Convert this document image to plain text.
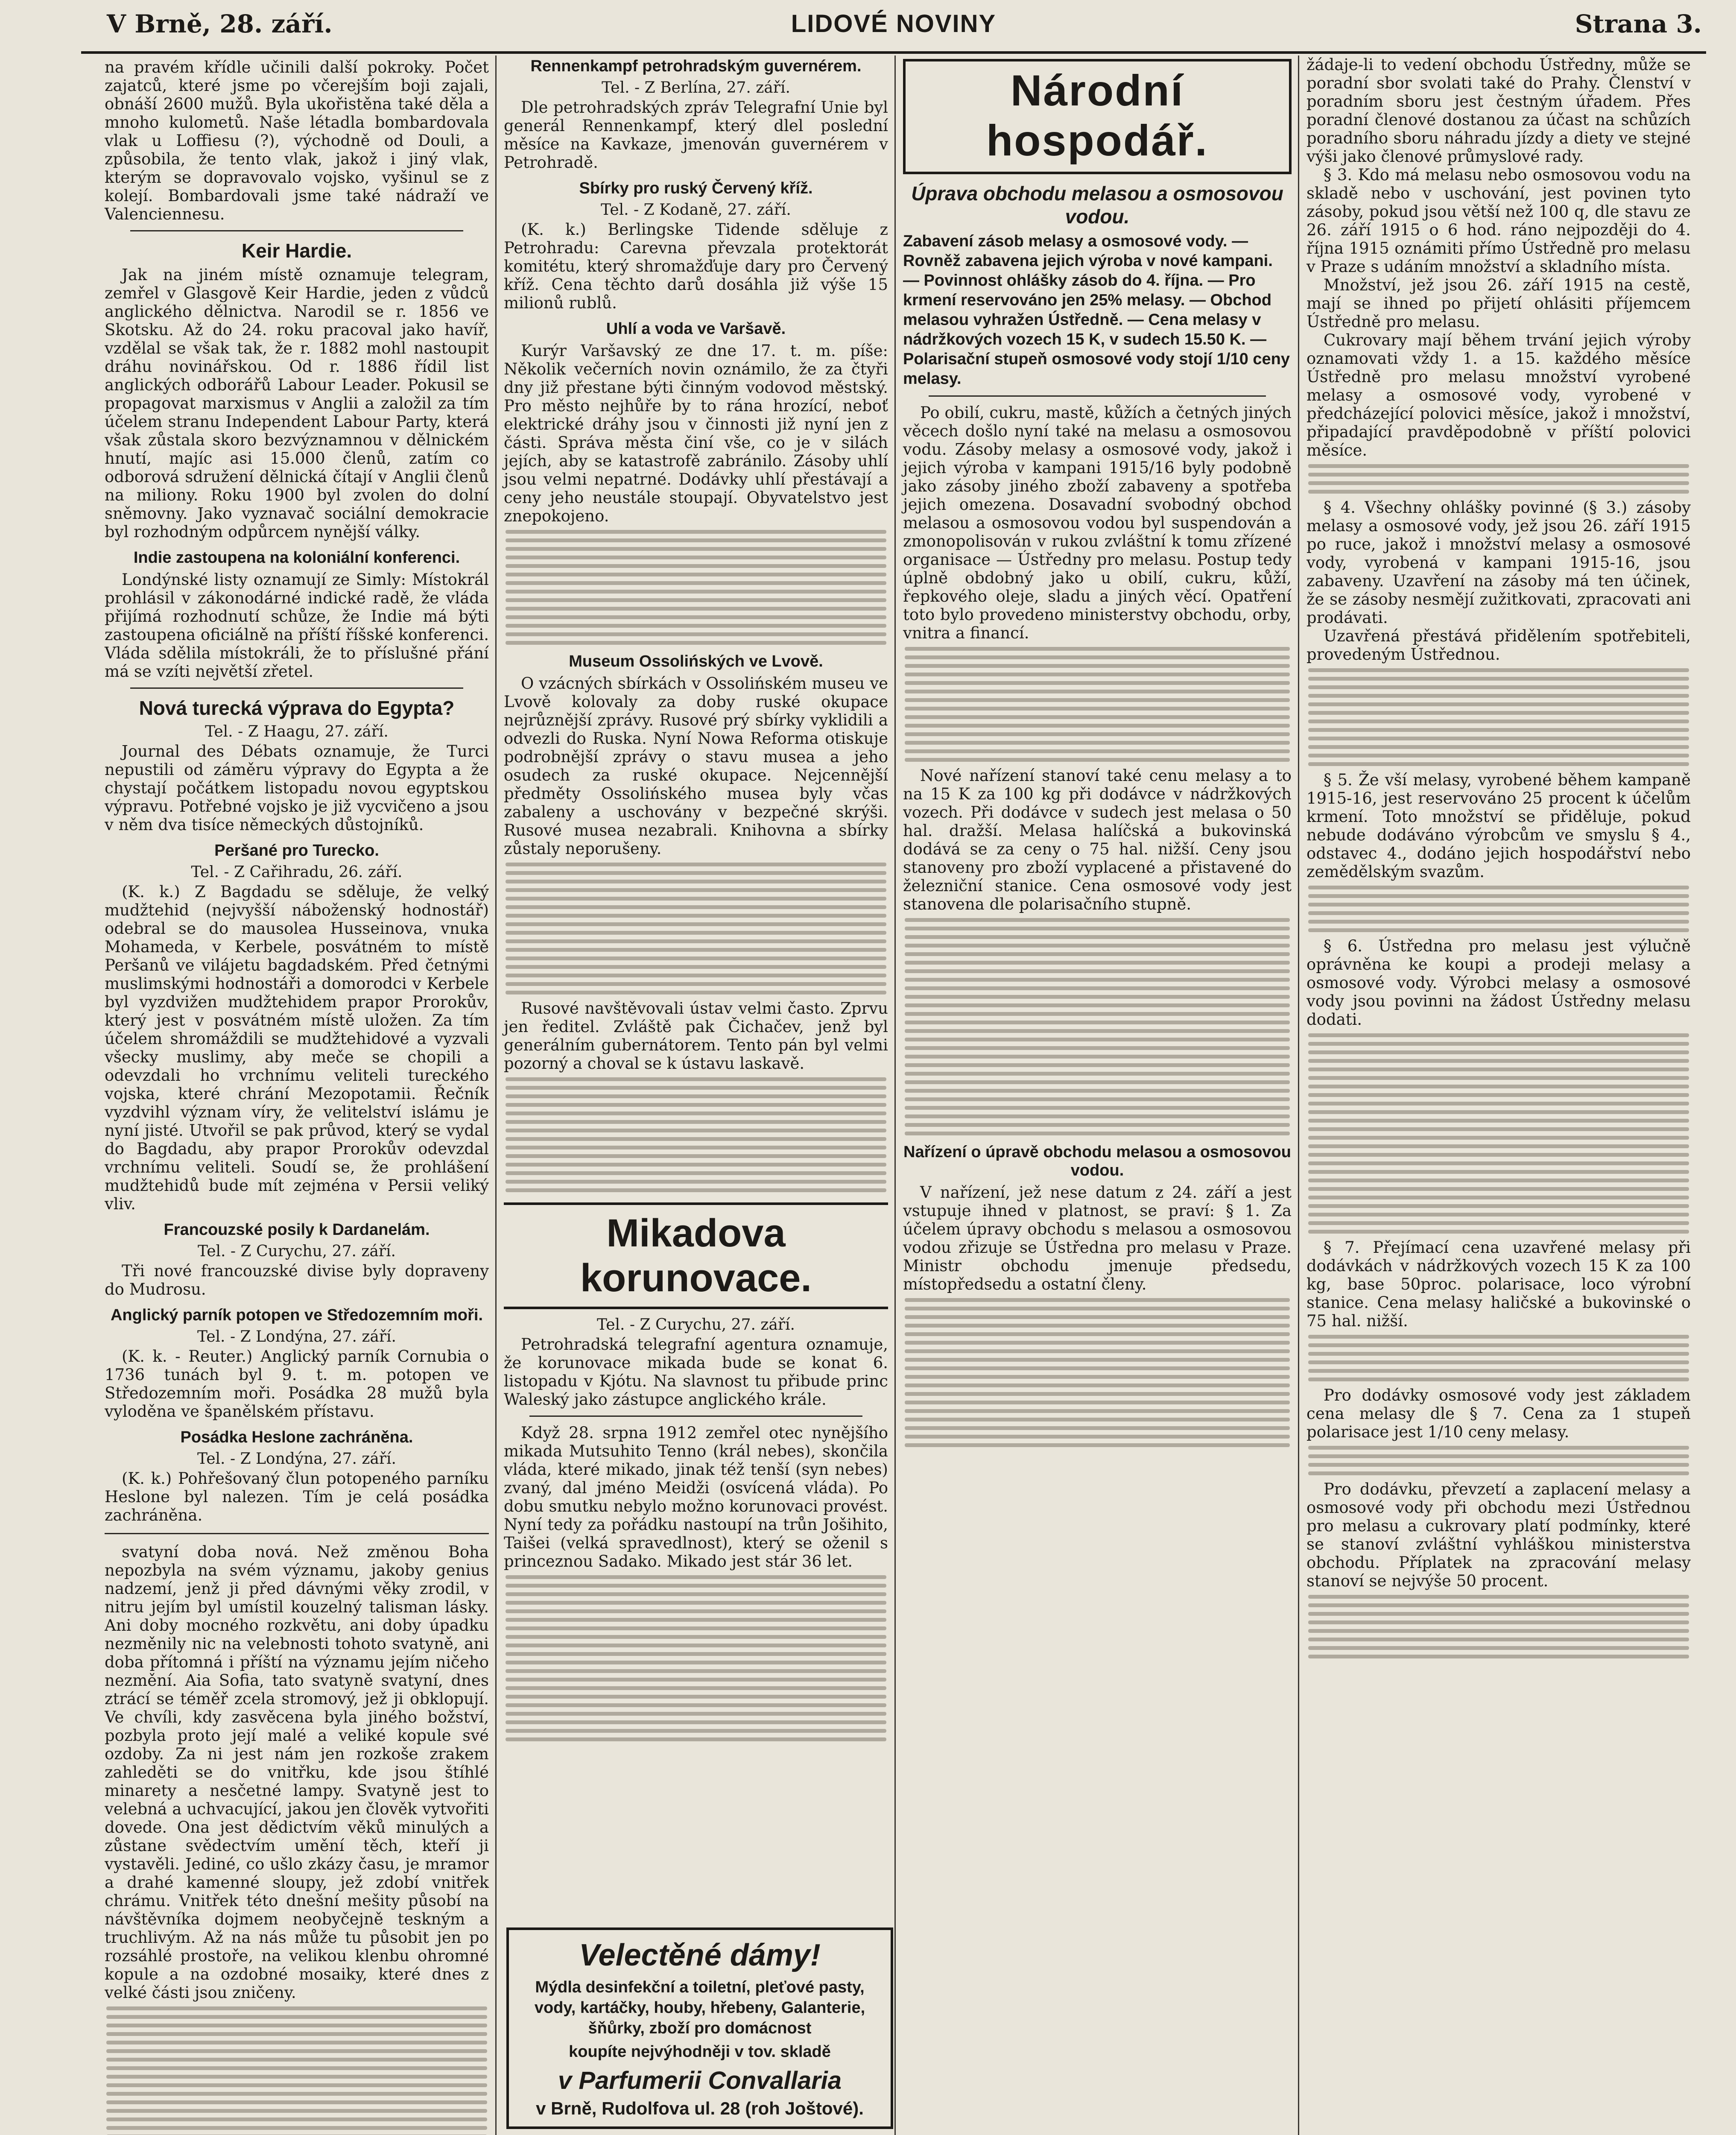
V Brně, 28. září.	LIDOVÉ NOVINY	Strana 3.
na pravém křídle učinili další pokroky. Počet zajatců, které jsme po včerejším boji zajali, obnáší 2600 mužů. Byla ukořistěna také děla a mnoho kulometů. Naše létadla bombardovala vlak u Loffiesu (?), východně od Douli, a způsobila, že tento vlak, jakož i jiný vlak, kterým se dopravovalo vojsko, vyšinul se z kolejí. Bombardovali jsme také nádraží ve Valenciennesu.
Keir Hardie.
Jak na jiném místě oznamuje telegram, zemřel v Glasgově Keir Hardie, jeden z vůdců anglického dělnictva. Narodil se r. 1856 ve Skotsku. Až do 24. roku pracoval jako havíř, vzdělal se však tak, že r. 1882 mohl nastoupit dráhu novinářskou. Od r. 1886 řídil list anglických odborářů Labour Leader. Pokusil se propagovat marxismus v Anglii a založil za tím účelem stranu Independent Labour Party, která však zůstala skoro bezvýznamnou v dělnickém hnutí, majíc asi 15.000 členů, zatím co odborová sdružení dělnická čítají v Anglii členů na miliony. Roku 1900 byl zvolen do dolní sněmovny. Jako vyznavač sociální demokracie byl rozhodným odpůrcem nynější války.
Indie zastoupena na koloniální konferenci.
Londýnské listy oznamují ze Simly: Místokrál prohlásil v zákonodárné indické radě, že vláda přijímá rozhodnutí schůze, že Indie má býti zastoupena oficiálně na příští říšské konferenci. Vláda sdělila místokráli, že to příslušné přání má se vzíti největší zřetel.
Nová turecká výprava do Egypta?
Tel. - Z Haagu, 27. září.
Journal des Débats oznamuje, že Turci nepustili od záměru výpravy do Egypta a že chystají počátkem listopadu novou egyptskou výpravu. Potřebné vojsko je již vycvičeno a jsou v něm dva tisíce německých důstojníků.
Peršané pro Turecko.
Tel. - Z Cařihradu, 26. září.
(K. k.) Z Bagdadu se sděluje, že velký mudžtehid (nejvyšší náboženský hodnostář) odebral se do mausolea Husseinova, vnuka Mohameda, v Kerbele, posvátném to místě Peršanů ve vilájetu bagdadském. Před četnými muslimskými hodnostáři a domorodci v Kerbele byl vyzdvižen mudžtehidem prapor Prorokův, který jest v posvátném místě uložen. Za tím účelem shromáždili se mudžtehidové a vyzvali všecky muslimy, aby meče se chopili a odevzdali ho vrchnímu veliteli tureckého vojska, které chrání Mezopotamii. Řečník vyzdvihl význam víry, že velitelství islámu je nyní jisté. Utvořil se pak průvod, který se vydal do Bagdadu, aby prapor Prorokův odevzdal vrchnímu veliteli. Soudí se, že prohlášení mudžtehidů bude mít zejména v Persii veliký vliv.
Francouzské posily k Dardanelám.
Tel. - Z Curychu, 27. září.
Tři nové francouzské divise byly dopraveny do Mudrosu.
Anglický parník potopen ve Středozemním moři.
Tel. - Z Londýna, 27. září.
(K. k. - Reuter.) Anglický parník Cornubia o 1736 tunách byl 9. t. m. potopen ve Středozemním moři. Posádka 28 mužů byla vyloděna ve španělském přístavu.
Posádka Heslone zachráněna.
Tel. - Z Londýna, 27. září.
(K. k.) Pohřešovaný člun potopeného parníku Heslone byl nalezen. Tím je celá posádka zachráněna.
svatyní doba nová. Než změnou Boha nepozbyla na svém významu, jakoby genius nadzemí, jenž ji před dávnými věky zrodil, v nitru jejím byl umístil kouzelný talisman lásky. Ani doby mocného rozkvětu, ani doby úpadku nezměnily nic na velebnosti tohoto svatyně, ani doba přítomná i příští na významu jejím ničeho nezmění. Aia Sofia, tato svatyně svatyní, dnes ztrácí se téměř zcela stromový, jež ji obklopují. Ve chvíli, kdy zasvěcena byla jiného božství, pozbyla proto její malé a veliké kopule své ozdoby. Za ni jest nám jen rozkoše zrakem zahleděti se do vnitřku, kde jsou štíhlé minarety a nesčetné lampy. Svatyně jest to velebná a uchvacující, jakou jen člověk vytvořiti dovede. Ona jest dědictvím věků minulých a zůstane svědectvím umění těch, kteří ji vystavěli. Jediné, co ušlo zkázy času, je mramor a drahé kamenné sloupy, jež zdobí vnitřek chrámu. Vnitřek této dnešní mešity působí na návštěvníka dojmem neobyčejně teskným a truchlivým. Až na nás může tu působit jen po rozsáhlé prostoře, na velikou klenbu ohromné kopule a na ozdobné mosaiky, které dnes z velké části jsou zničeny.
Rennenkampf petrohradským guvernérem.
Tel. - Z Berlína, 27. září.
Dle petrohradských zpráv Telegrafní Unie byl generál Rennenkampf, který dlel poslední měsíce na Kavkaze, jmenován guvernérem v Petrohradě.
Sbírky pro ruský Červený kříž.
Tel. - Z Kodaně, 27. září.
(K. k.) Berlingske Tidende sděluje z Petrohradu: Carevna převzala protektorát komitétu, který shromažďuje dary pro Červený kříž. Cena těchto darů dosáhla již výše 15 milionů rublů.
Uhlí a voda ve Varšavě.
Kurýr Varšavský ze dne 17. t. m. píše: Několik večerních novin oznámilo, že za čtyři dny již přestane býti činným vodovod městský. Pro město nejhůře by to rána hrozící, neboť elektrické dráhy jsou v činnosti již nyní jen z části. Správa města činí vše, co je v silách jejích, aby se katastrofě zabránilo. Zásoby uhlí jsou velmi nepatrné. Dodávky uhlí přestávají a ceny jeho neustále stoupají. Obyvatelstvo jest znepokojeno.
Museum Ossolińských ve Lvově.
O vzácných sbírkách v Ossolińském museu ve Lvově kolovaly za doby ruské okupace nejrůznější zprávy. Rusové prý sbírky vyklidili a odvezli do Ruska. Nyní Nowa Reforma otiskuje podrobnější zprávy o stavu musea a jeho osudech za ruské okupace. Nejcennější předměty Ossolińského musea byly včas zabaleny a uschovány v bezpečné skrýši. Rusové musea nezabrali. Knihovna a sbírky zůstaly neporušeny.
Rusové navštěvovali ústav velmi často. Zprvu jen ředitel. Zvláště pak Čichačev, jenž byl generálním gubernátorem. Tento pán byl velmi pozorný a choval se k ústavu laskavě.
Mikadova korunovace.
Tel. - Z Curychu, 27. září.
Petrohradská telegrafní agentura oznamuje, že korunovace mikada bude se konat 6. listopadu v Kjótu. Na slavnost tu přibude princ Waleský jako zástupce anglického krále.
Když 28. srpna 1912 zemřel otec nynějšího mikada Mutsuhito Tenno (král nebes), skončila vláda, které mikado, jinak též tenší (syn nebes) zvaný, dal jméno Meidži (osvícená vláda). Po dobu smutku nebylo možno korunovaci provést. Nyní tedy za pořádku nastoupí na trůn Jošihito, Taišei (velká spravedlnost), který se oženil s princeznou Sadako. Mikado jest stár 36 let.
Národní hospodář.
Úprava obchodu melasou a osmosovou vodou.
Zabavení zásob melasy a osmosové vody. — Rovněž zabavena jejich výroba v nové kampani. — Povinnost ohlášky zásob do 4. října. — Pro krmení reservováno jen 25% melasy. — Obchod melasou vyhražen Ústředně. — Cena melasy v nádržkových vozech 15 K, v sudech 15.50 K. — Polarisační stupeň osmosové vody stojí 1/10 ceny melasy.
Po obilí, cukru, mastě, kůžích a četných jiných věcech došlo nyní také na melasu a osmosovou vodu. Zásoby melasy a osmosové vody, jakož i jejich výroba v kampani 1915/16 byly podobně jako zásoby jiného zboží zabaveny a spotřeba jejich omezena. Dosavadní svobodný obchod melasou a osmosovou vodou byl suspendován a zmonopolisován v rukou zvláštní k tomu zřízené organisace — Ústředny pro melasu. Postup tedy úplně obdobný jako u obilí, cukru, kůží, řepkového oleje, sladu a jiných věcí. Opatření toto bylo provedeno ministerstvy obchodu, orby, vnitra a financí.
Nové nařízení stanoví také cenu melasy a to na 15 K za 100 kg při dodávce v nádržkových vozech. Při dodávce v sudech jest melasa o 50 hal. dražší. Melasa halíčská a bukovinská dodává se za ceny o 75 hal. nižší. Ceny jsou stanoveny pro zboží vyplacené a přistavené do železniční stanice. Cena osmosové vody jest stanovena dle polarisačního stupně.
Nařízení o úpravě obchodu melasou a osmosovou vodou.
V nařízení, jež nese datum z 24. září a jest vstupuje ihned v platnost, se praví: § 1. Za účelem úpravy obchodu s melasou a osmosovou vodou zřizuje se Ústředna pro melasu v Praze. Ministr obchodu jmenuje předsedu, místopředsedu a ostatní členy.
Velectěné dámy!
Mýdla desinfekční a toiletní, pleťové pasty, vody, kartáčky, houby, hřebeny, Galanterie, šňůrky, zboží pro domácnost
koupíte nejvýhodněji v tov. skladě
v Parfumerii Convallaria
v Brně, Rudolfova ul. 28 (roh Joštové).
žádaje-li to vedení obchodu Ústředny, může se poradní sbor svolati také do Prahy. Členství v poradním sboru jest čestným úřadem. Přes poradní členové dostanou za účast na schůzích poradního sboru náhradu jízdy a diety ve stejné výši jako členové průmyslové rady.
§ 3. Kdo má melasu nebo osmosovou vodu na skladě nebo v uschování, jest povinen tyto zásoby, pokud jsou větší než 100 q, dle stavu ze 26. září 1915 o 6 hod. ráno nejpozději do 4. října 1915 oznámiti přímo Ústředně pro melasu v Praze s udáním množství a skladního místa.
Množství, jež jsou 26. září 1915 na cestě, mají se ihned po přijetí ohlásiti příjemcem Ústředně pro melasu.
Cukrovary mají během trvání jejich výroby oznamovati vždy 1. a 15. každého měsíce Ústředně pro melasu množství vyrobené melasy a osmosové vody, vyrobené v předcházející polovici měsíce, jakož i množství, připadající pravděpodobně v příští polovici měsíce.
§ 4. Všechny ohlášky povinné (§ 3.) zásoby melasy a osmosové vody, jež jsou 26. září 1915 po ruce, jakož i množství melasy a osmosové vody, vyrobená v kampani 1915-16, jsou zabaveny. Uzavření na zásoby má ten účinek, že se zásoby nesmějí zužitkovati, zpracovati ani prodávati.
Uzavřená přestává přidělením spotřebiteli, provedeným Ústřednou.
§ 5. Že vší melasy, vyrobené během kampaně 1915-16, jest reservováno 25 procent k účelům krmení. Toto množství se přiděluje, pokud nebude dodáváno výrobcům ve smyslu § 4., odstavec 4., dodáno jejich hospodářství nebo zemědělským svazům.
§ 6. Ústředna pro melasu jest výlučně oprávněna ke koupi a prodeji melasy a osmosové vody. Výrobci melasy a osmosové vody jsou povinni na žádost Ústředny melasu dodati.
§ 7. Přejímací cena uzavřené melasy při dodávkách v nádržkových vozech 15 K za 100 kg, base 50proc. polarisace, loco výrobní stanice. Cena melasy haličské a bukovinské o 75 hal. nižší.
Pro dodávky osmosové vody jest základem cena melasy dle § 7. Cena za 1 stupeň polarisace jest 1/10 ceny melasy.
Pro dodávku, převzetí a zaplacení melasy a osmosové vody při obchodu mezi Ústřednou pro melasu a cukrovary platí podmínky, které se stanoví zvláštní vyhláškou ministerstva obchodu. Příplatek na zpracování melasy stanoví se nejvýše 50 procent.
